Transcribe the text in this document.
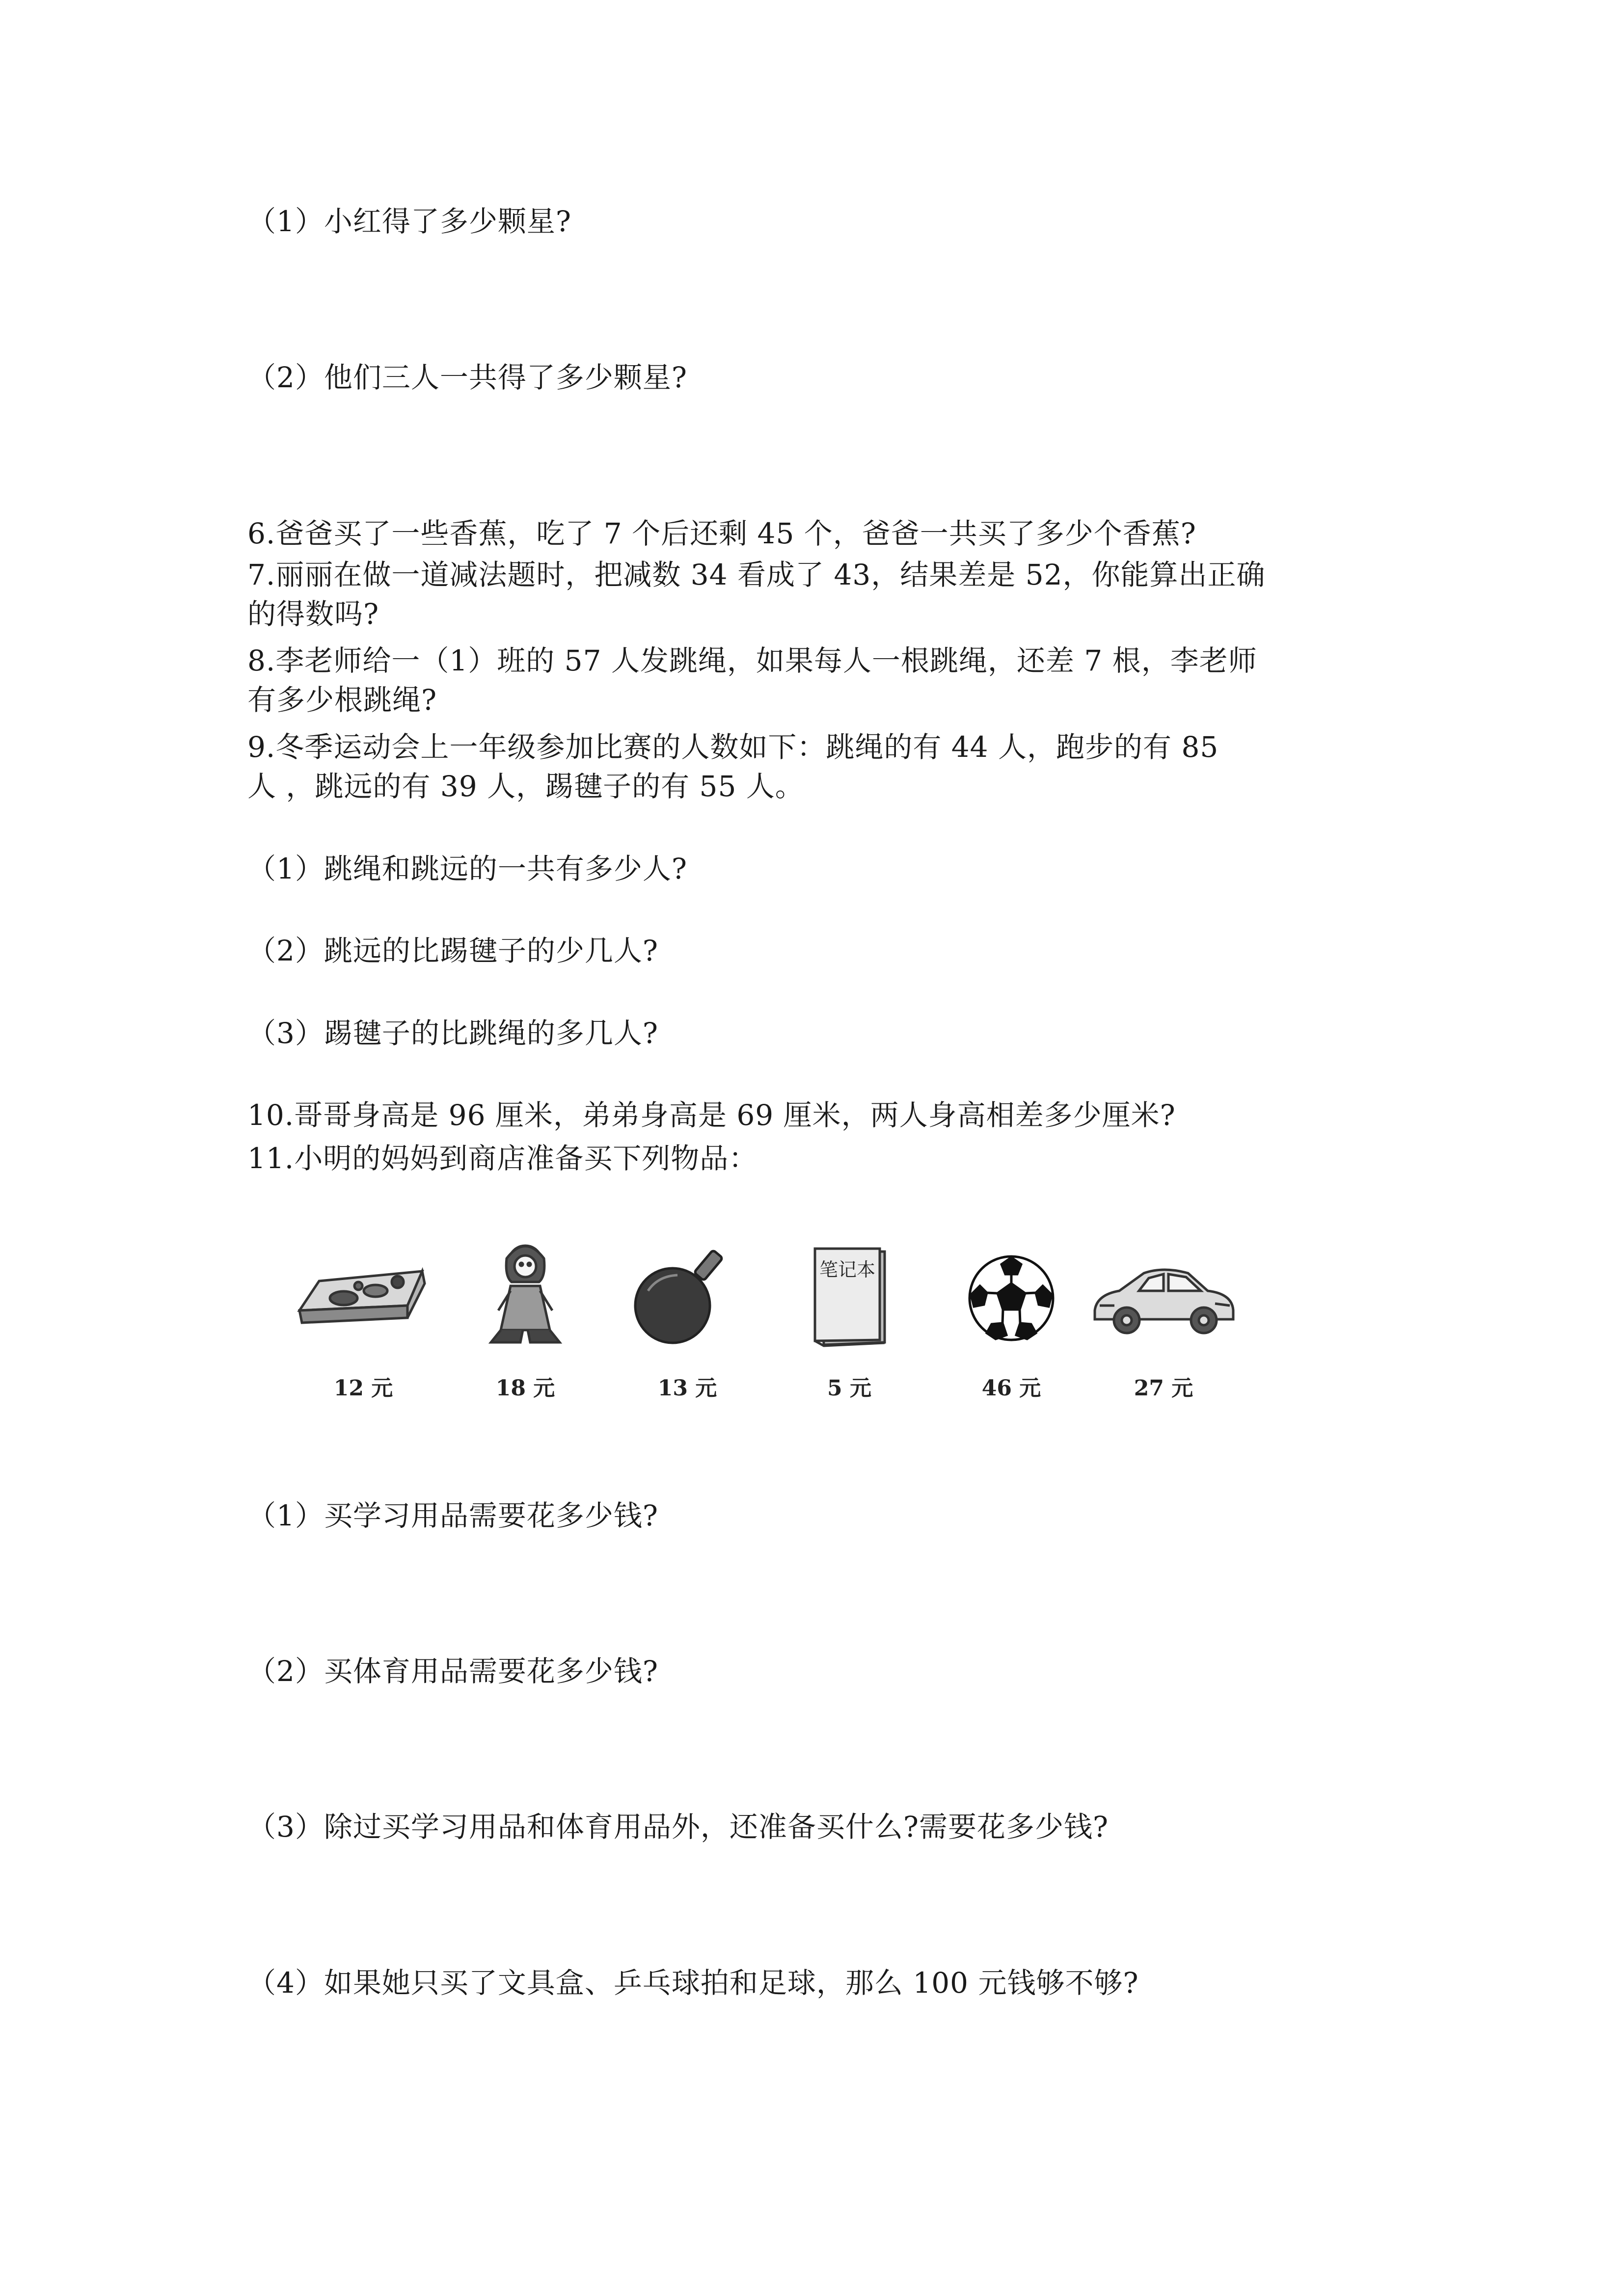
（1）小红得了多少颗星?
（2）他们三人一共得了多少颗星?
6.爸爸买了一些香蕉，吃了 7 个后还剩 45 个，爸爸一共买了多少个香蕉?
7.丽丽在做一道减法题时，把减数 34 看成了 43，结果差是 52，你能算出正确
的得数吗?
8.李老师给一（1）班的 57 人发跳绳，如果每人一根跳绳，还差 7 根，李老师
有多少根跳绳?
9.冬季运动会上一年级参加比赛的人数如下：跳绳的有 44 人，跑步的有 85
人 ，跳远的有 39 人，踢毽子的有 55 人。
（1）跳绳和跳远的一共有多少人?
（2）跳远的比踢毽子的少几人?
（3）踢毽子的比跳绳的多几人?
10.哥哥身高是 96 厘米，弟弟身高是 69 厘米，两人身高相差多少厘米?
11.小明的妈妈到商店准备买下列物品：
12 元	18 元	13 元
笔记本
5 元	46 元	27 元
（1）买学习用品需要花多少钱?
（2）买体育用品需要花多少钱?
（3）除过买学习用品和体育用品外，还准备买什么?需要花多少钱?
（4）如果她只买了文具盒、乒乓球拍和足球，那么 100 元钱够不够?
